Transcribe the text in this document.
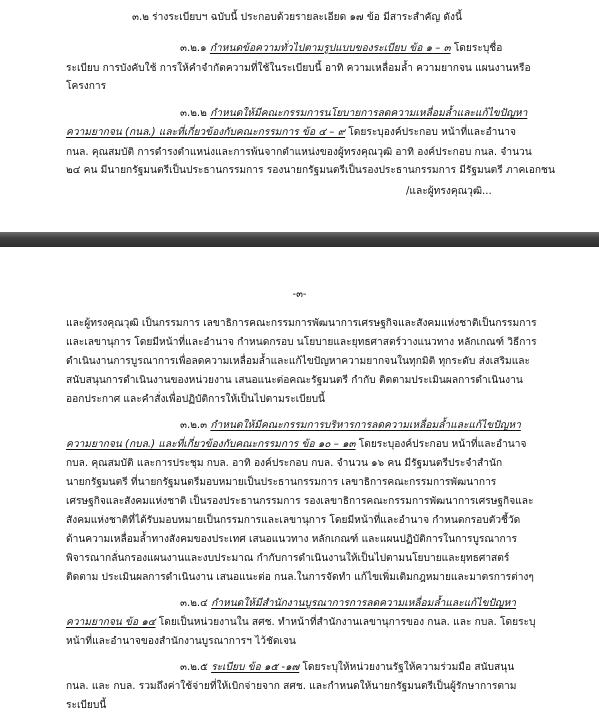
๓.๒ ร่างระเบียบฯ ฉบับนี้ ประกอบด้วยรายละเอียด ๑๗ ข้อ มีสาระสำคัญ ดังนี้
๓.๒.๑ กำหนดข้อความทั่วไปตามรูปแบบของระเบียบ ข้อ ๑ – ๓ โดยระบุชื่อ
ระเบียบ การบังคับใช้ การให้คำจำกัดความที่ใช้ในระเบียบนี้ อาทิ ความเหลื่อมล้ำ ความยากจน แผนงานหรือ
โครงการ
๓.๒.๒ กำหนดให้มีคณะกรรมการนโยบายการลดความเหลื่อมล้ำและแก้ไขปัญหา
ความยากจน (กนล.) และที่เกี่ยวข้องกับคณะกรรมการ ข้อ ๔ – ๙ โดยระบุองค์ประกอบ หน้าที่และอำนาจ
กนล. คุณสมบัติ การดำรงตำแหน่งและการพ้นจากตำแหน่งของผู้ทรงคุณวุฒิ อาทิ องค์ประกอบ กนล. จำนวน
๒๔ คน มีนายกรัฐมนตรีเป็นประธานกรรมการ รองนายกรัฐมนตรีเป็นรองประธานกรรมการ มีรัฐมนตรี ภาคเอกชน
/และผู้ทรงคุณวุฒิ...
-๓-
และผู้ทรงคุณวุฒิ เป็นกรรมการ เลขาธิการคณะกรรมการพัฒนาการเศรษฐกิจและสังคมแห่งชาติเป็นกรรมการ
และเลขานุการ โดยมีหน้าที่และอำนาจ กำหนดกรอบ นโยบายและยุทธศาสตร์วางแนวทาง หลักเกณฑ์ วิธีการ
ดำเนินงานการบูรณาการเพื่อลดความเหลื่อมล้ำและแก้ไขปัญหาความยากจนในทุกมิติ ทุกระดับ ส่งเสริมและ
สนับสนุนการดำเนินงานของหน่วยงาน เสนอแนะต่อคณะรัฐมนตรี กำกับ ติดตามประเมินผลการดำเนินงาน
ออกประกาศ และคำสั่งเพื่อปฏิบัติการให้เป็นไปตามระเบียบนี้
๓.๒.๓ กำหนดให้มีคณะกรรมการบริหารการลดความเหลื่อมล้ำและแก้ไขปัญหา
ความยากจน (กบล.) และที่เกี่ยวข้องกับคณะกรรมการ ข้อ ๑๐ – ๑๓ โดยระบุองค์ประกอบ หน้าที่และอำนาจ
กบล. คุณสมบัติ และการประชุม กบล. อาทิ องค์ประกอบ กบล. จำนวน ๑๖ คน มีรัฐมนตรีประจำสำนัก
นายกรัฐมนตรี ที่นายกรัฐมนตรีมอบหมายเป็นประธานกรรมการ เลขาธิการคณะกรรมการพัฒนาการ
เศรษฐกิจและสังคมแห่งชาติ เป็นรองประธานกรรมการ รองเลขาธิการคณะกรรมการพัฒนาการเศรษฐกิจและ
สังคมแห่งชาติที่ได้รับมอบหมายเป็นกรรมการและเลขานุการ โดยมีหน้าที่และอำนาจ กำหนดกรอบตัวชี้วัด
ด้านความเหลื่อมล้ำทางสังคมของประเทศ เสนอแนวทาง หลักเกณฑ์ และแผนปฏิบัติการในการบูรณาการ
พิจารณากลั่นกรองแผนงานและงบประมาณ กำกับการดำเนินงานให้เป็นไปตามนโยบายและยุทธศาสตร์
ติดตาม ประเมินผลการดำเนินงาน เสนอแนะต่อ กนล.ในการจัดทำ แก้ไขเพิ่มเติมกฎหมายและมาตรการต่างๆ
๓.๒.๔ กำหนดให้มีสำนักงานบูรณาการการลดความเหลื่อมล้ำและแก้ไขปัญหา
ความยากจน ข้อ ๑๔ โดยเป็นหน่วยงานใน สศช. ทำหน้าที่สำนักงานเลขานุการของ กนล. และ กบล. โดยระบุ
หน้าที่และอำนาจของสำนักงานบูรณาการฯ ไว้ชัดเจน
๓.๒.๕ ระเบียบ ข้อ ๑๕ -๑๗ โดยระบุให้หน่วยงานรัฐให้ความร่วมมือ สนับสนุน
กนล. และ กบล. รวมถึงค่าใช้จ่ายที่ให้เบิกจ่ายจาก สศช. และกำหนดให้นายกรัฐมนตรีเป็นผู้รักษาการตาม
ระเบียบนี้
